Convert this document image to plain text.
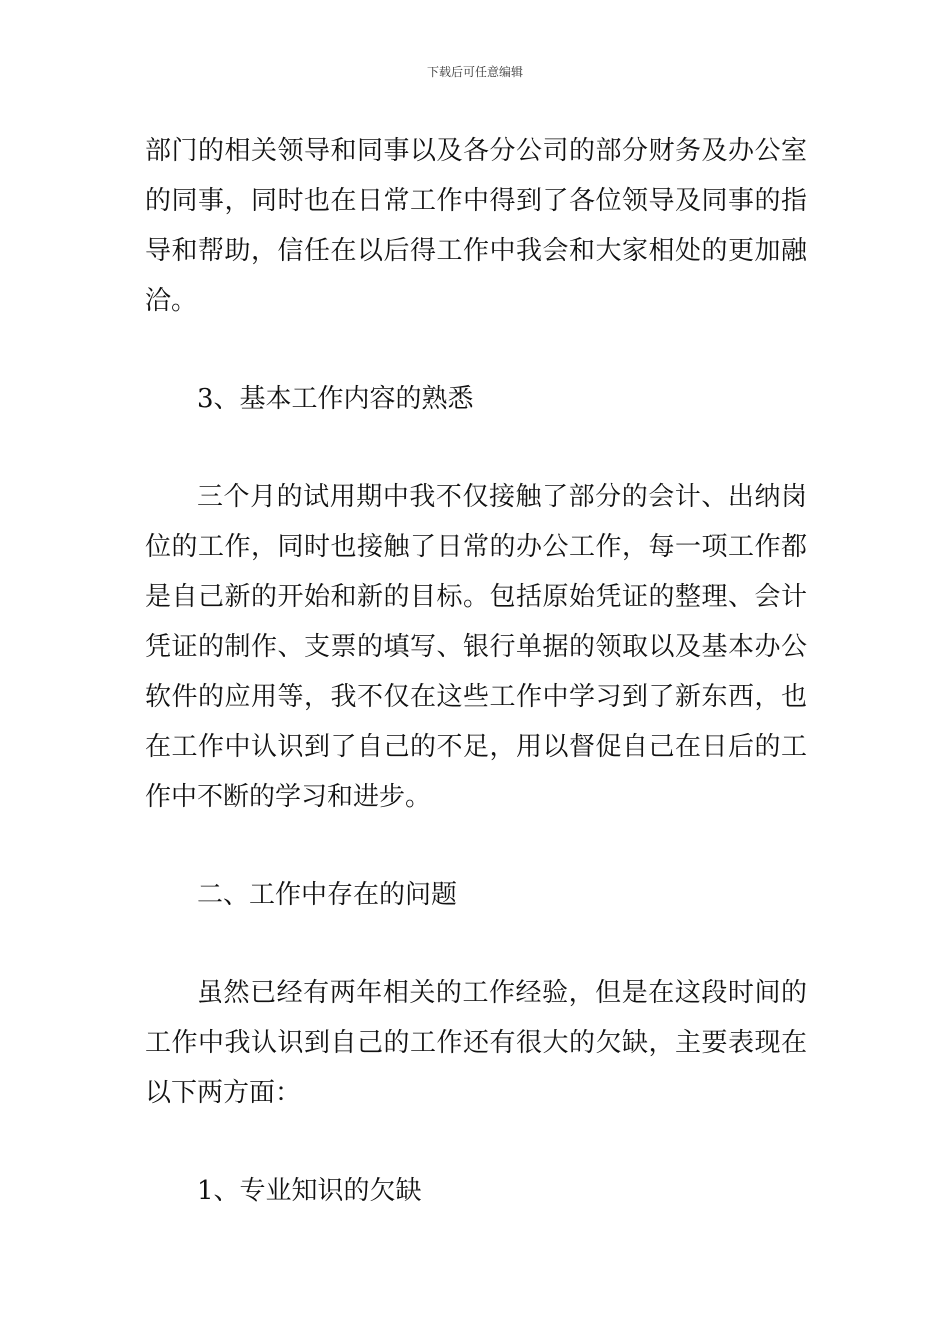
下载后可任意编辑
部门的相关领导和同事以及各分公司的部分财务及办公室
的同事，同时也在日常工作中得到了各位领导及同事的指
导和帮助，信任在以后得工作中我会和大家相处的更加融
洽。
3、基本工作内容的熟悉
三个月的试用期中我不仅接触了部分的会计、出纳岗
位的工作，同时也接触了日常的办公工作，每一项工作都
是自己新的开始和新的目标。包括原始凭证的整理、会计
凭证的制作、支票的填写、银行单据的领取以及基本办公
软件的应用等，我不仅在这些工作中学习到了新东西，也
在工作中认识到了自己的不足，用以督促自己在日后的工
作中不断的学习和进步。
二、工作中存在的问题
虽然已经有两年相关的工作经验，但是在这段时间的
工作中我认识到自己的工作还有很大的欠缺，主要表现在
以下两方面：
1、专业知识的欠缺
